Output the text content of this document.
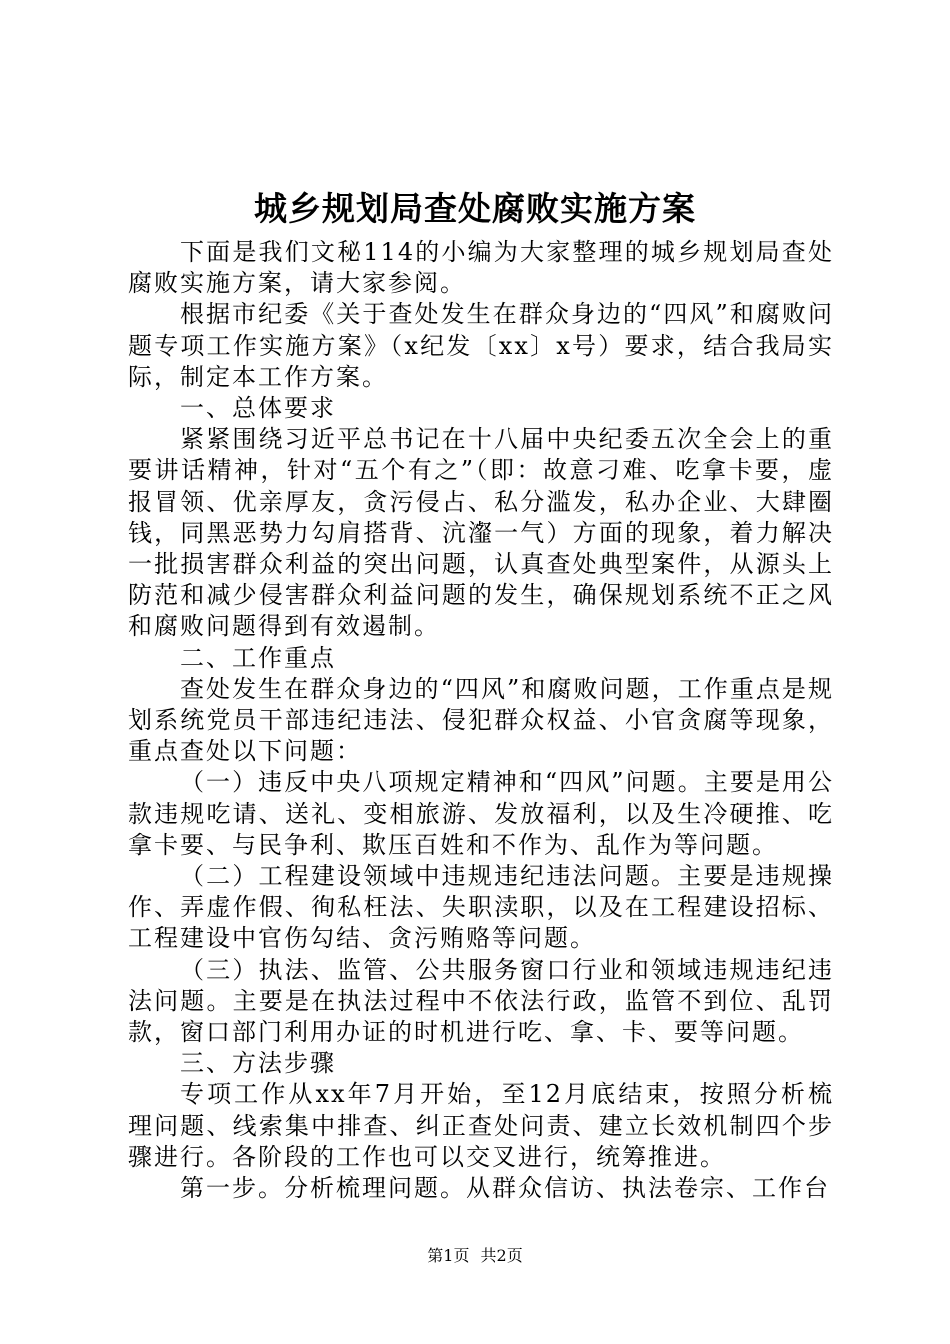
城乡规划局查处腐败实施方案

下面是我们文秘114的小编为大家整理的城乡规划局查处腐败实施方案，请大家参阅。

根据市纪委《关于查处发生在群众身边的“四风”和腐败问题专项工作实施方案》（x纪发〔xx〕x号）要求，结合我局实际，制定本工作方案。

一、总体要求

紧紧围绕习近平总书记在十八届中央纪委五次全会上的重要讲话精神，针对“五个有之”（即：故意刁难、吃拿卡要，虚报冒领、优亲厚友，贪污侵占、私分滥发，私办企业、大肆圈钱，同黑恶势力勾肩搭背、沆瀣一气）方面的现象，着力解决一批损害群众利益的突出问题，认真查处典型案件，从源头上防范和减少侵害群众利益问题的发生，确保规划系统不正之风和腐败问题得到有效遏制。

二、工作重点

查处发生在群众身边的“四风”和腐败问题，工作重点是规划系统党员干部违纪违法、侵犯群众权益、小官贪腐等现象，重点查处以下问题：

（一）违反中央八项规定精神和“四风”问题。主要是用公款违规吃请、送礼、变相旅游、发放福利，以及生冷硬推、吃拿卡要、与民争利、欺压百姓和不作为、乱作为等问题。

（二）工程建设领域中违规违纪违法问题。主要是违规操作、弄虚作假、徇私枉法、失职渎职，以及在工程建设招标、工程建设中官伤勾结、贪污贿赂等问题。

（三）执法、监管、公共服务窗口行业和领域违规违纪违法问题。主要是在执法过程中不依法行政，监管不到位、乱罚款，窗口部门利用办证的时机进行吃、拿、卡、要等问题。

三、方法步骤

专项工作从xx年7月开始，至12月底结束，按照分析梳理问题、线索集中排查、纠正查处问责、建立长效机制四个步骤进行。各阶段的工作也可以交叉进行，统筹推进。

第一步。分析梳理问题。从群众信访、执法卷宗、工作台

第1页 共2页
